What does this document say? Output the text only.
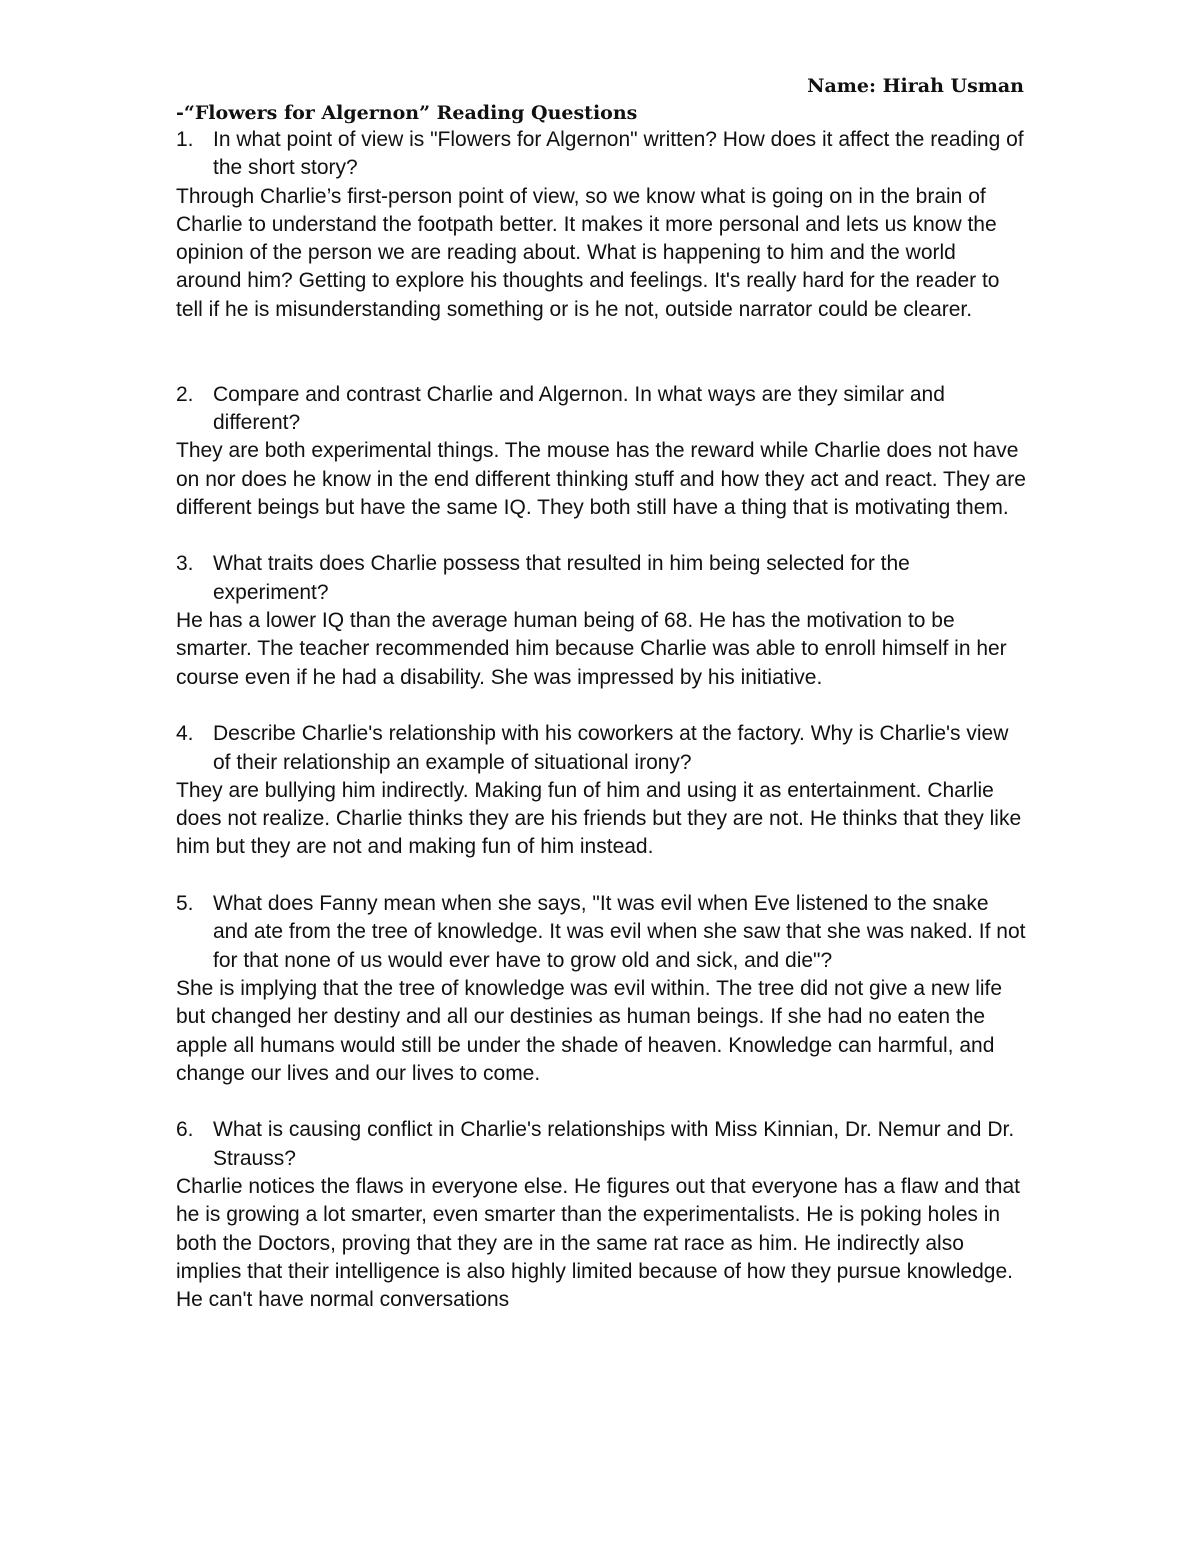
Name: Hirah Usman
-“Flowers for Algernon” Reading Questions
1. In what point of view is "Flowers for Algernon" written? How does it affect the reading of the short story?

Through Charlie’s first-person point of view, so we know what is going on in the brain of Charlie to understand the footpath better. It makes it more personal and lets us know the opinion of the person we are reading about. What is happening to him and the world around him? Getting to explore his thoughts and feelings. It's really hard for the reader to tell if he is misunderstanding something or is he not, outside narrator could be clearer.

2. Compare and contrast Charlie and Algernon. In what ways are they similar and different?

They are both experimental things. The mouse has the reward while Charlie does not have on nor does he know in the end different thinking stuff and how they act and react. They are different beings but have the same IQ. They both still have a thing that is motivating them.

3. What traits does Charlie possess that resulted in him being selected for the experiment?

He has a lower IQ than the average human being of 68. He has the motivation to be smarter. The teacher recommended him because Charlie was able to enroll himself in her course even if he had a disability. She was impressed by his initiative.

4. Describe Charlie's relationship with his coworkers at the factory. Why is Charlie's view of their relationship an example of situational irony?

They are bullying him indirectly. Making fun of him and using it as entertainment. Charlie does not realize. Charlie thinks they are his friends but they are not. He thinks that they like him but they are not and making fun of him instead.

5. What does Fanny mean when she says, "It was evil when Eve listened to the snake and ate from the tree of knowledge. It was evil when she saw that she was naked. If not for that none of us would ever have to grow old and sick, and die"?

She is implying that the tree of knowledge was evil within. The tree did not give a new life but changed her destiny and all our destinies as human beings. If she had no eaten the apple all humans would still be under the shade of heaven. Knowledge can harmful, and change our lives and our lives to come.

6. What is causing conflict in Charlie's relationships with Miss Kinnian, Dr. Nemur and Dr. Strauss?

Charlie notices the flaws in everyone else. He figures out that everyone has a flaw and that he is growing a lot smarter, even smarter than the experimentalists. He is poking holes in both the Doctors, proving that they are in the same rat race as him. He indirectly also implies that their intelligence is also highly limited because of how they pursue knowledge. He can't have normal conversations
